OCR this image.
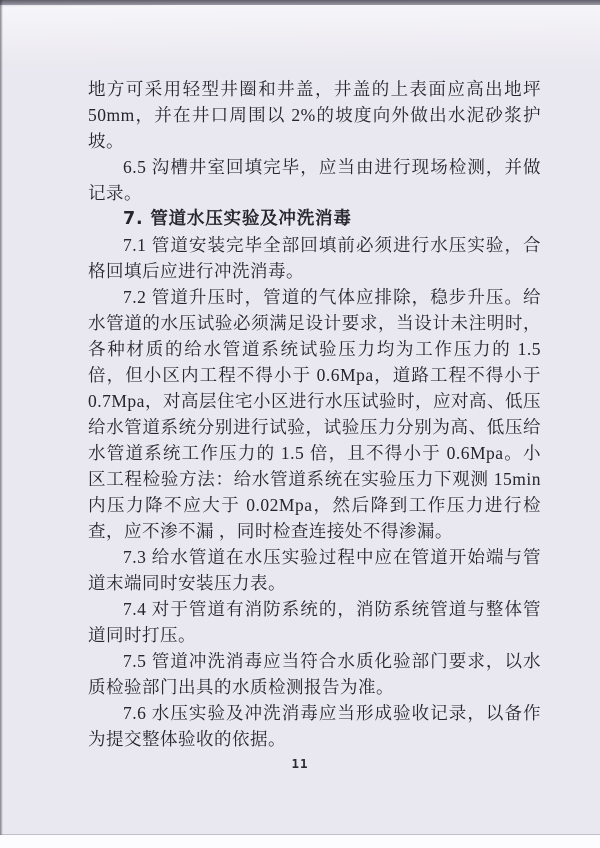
地方可采用轻型井圈和井盖，井盖的上表面应高出地坪 50mm，并在井口周围以 2%的坡度向外做出水泥砂浆护坡。

6.5 沟槽井室回填完毕，应当由进行现场检测，并做记录。

7. 管道水压实验及冲洗消毒

7.1 管道安装完毕全部回填前必须进行水压实验，合格回填后应进行冲洗消毒。

7.2 管道升压时，管道的气体应排除，稳步升压。给水管道的水压试验必须满足设计要求，当设计未注明时，各种材质的给水管道系统试验压力均为工作压力的 1.5 倍，但小区内工程不得小于 0.6Mpa，道路工程不得小于 0.7Mpa，对高层住宅小区进行水压试验时，应对高、低压给水管道系统分别进行试验，试验压力分别为高、低压给水管道系统工作压力的 1.5 倍，且不得小于 0.6Mpa。小区工程检验方法：给水管道系统在实验压力下观测 15min 内压力降不应大于 0.02Mpa，然后降到工作压力进行检查，应不渗不漏 ，同时检查连接处不得渗漏。

7.3 给水管道在水压实验过程中应在管道开始端与管道末端同时安装压力表。

7.4 对于管道有消防系统的，消防系统管道与整体管道同时打压。

7.5 管道冲洗消毒应当符合水质化验部门要求，以水质检验部门出具的水质检测报告为准。

7.6 水压实验及冲洗消毒应当形成验收记录，以备作为提交整体验收的依据。

11
